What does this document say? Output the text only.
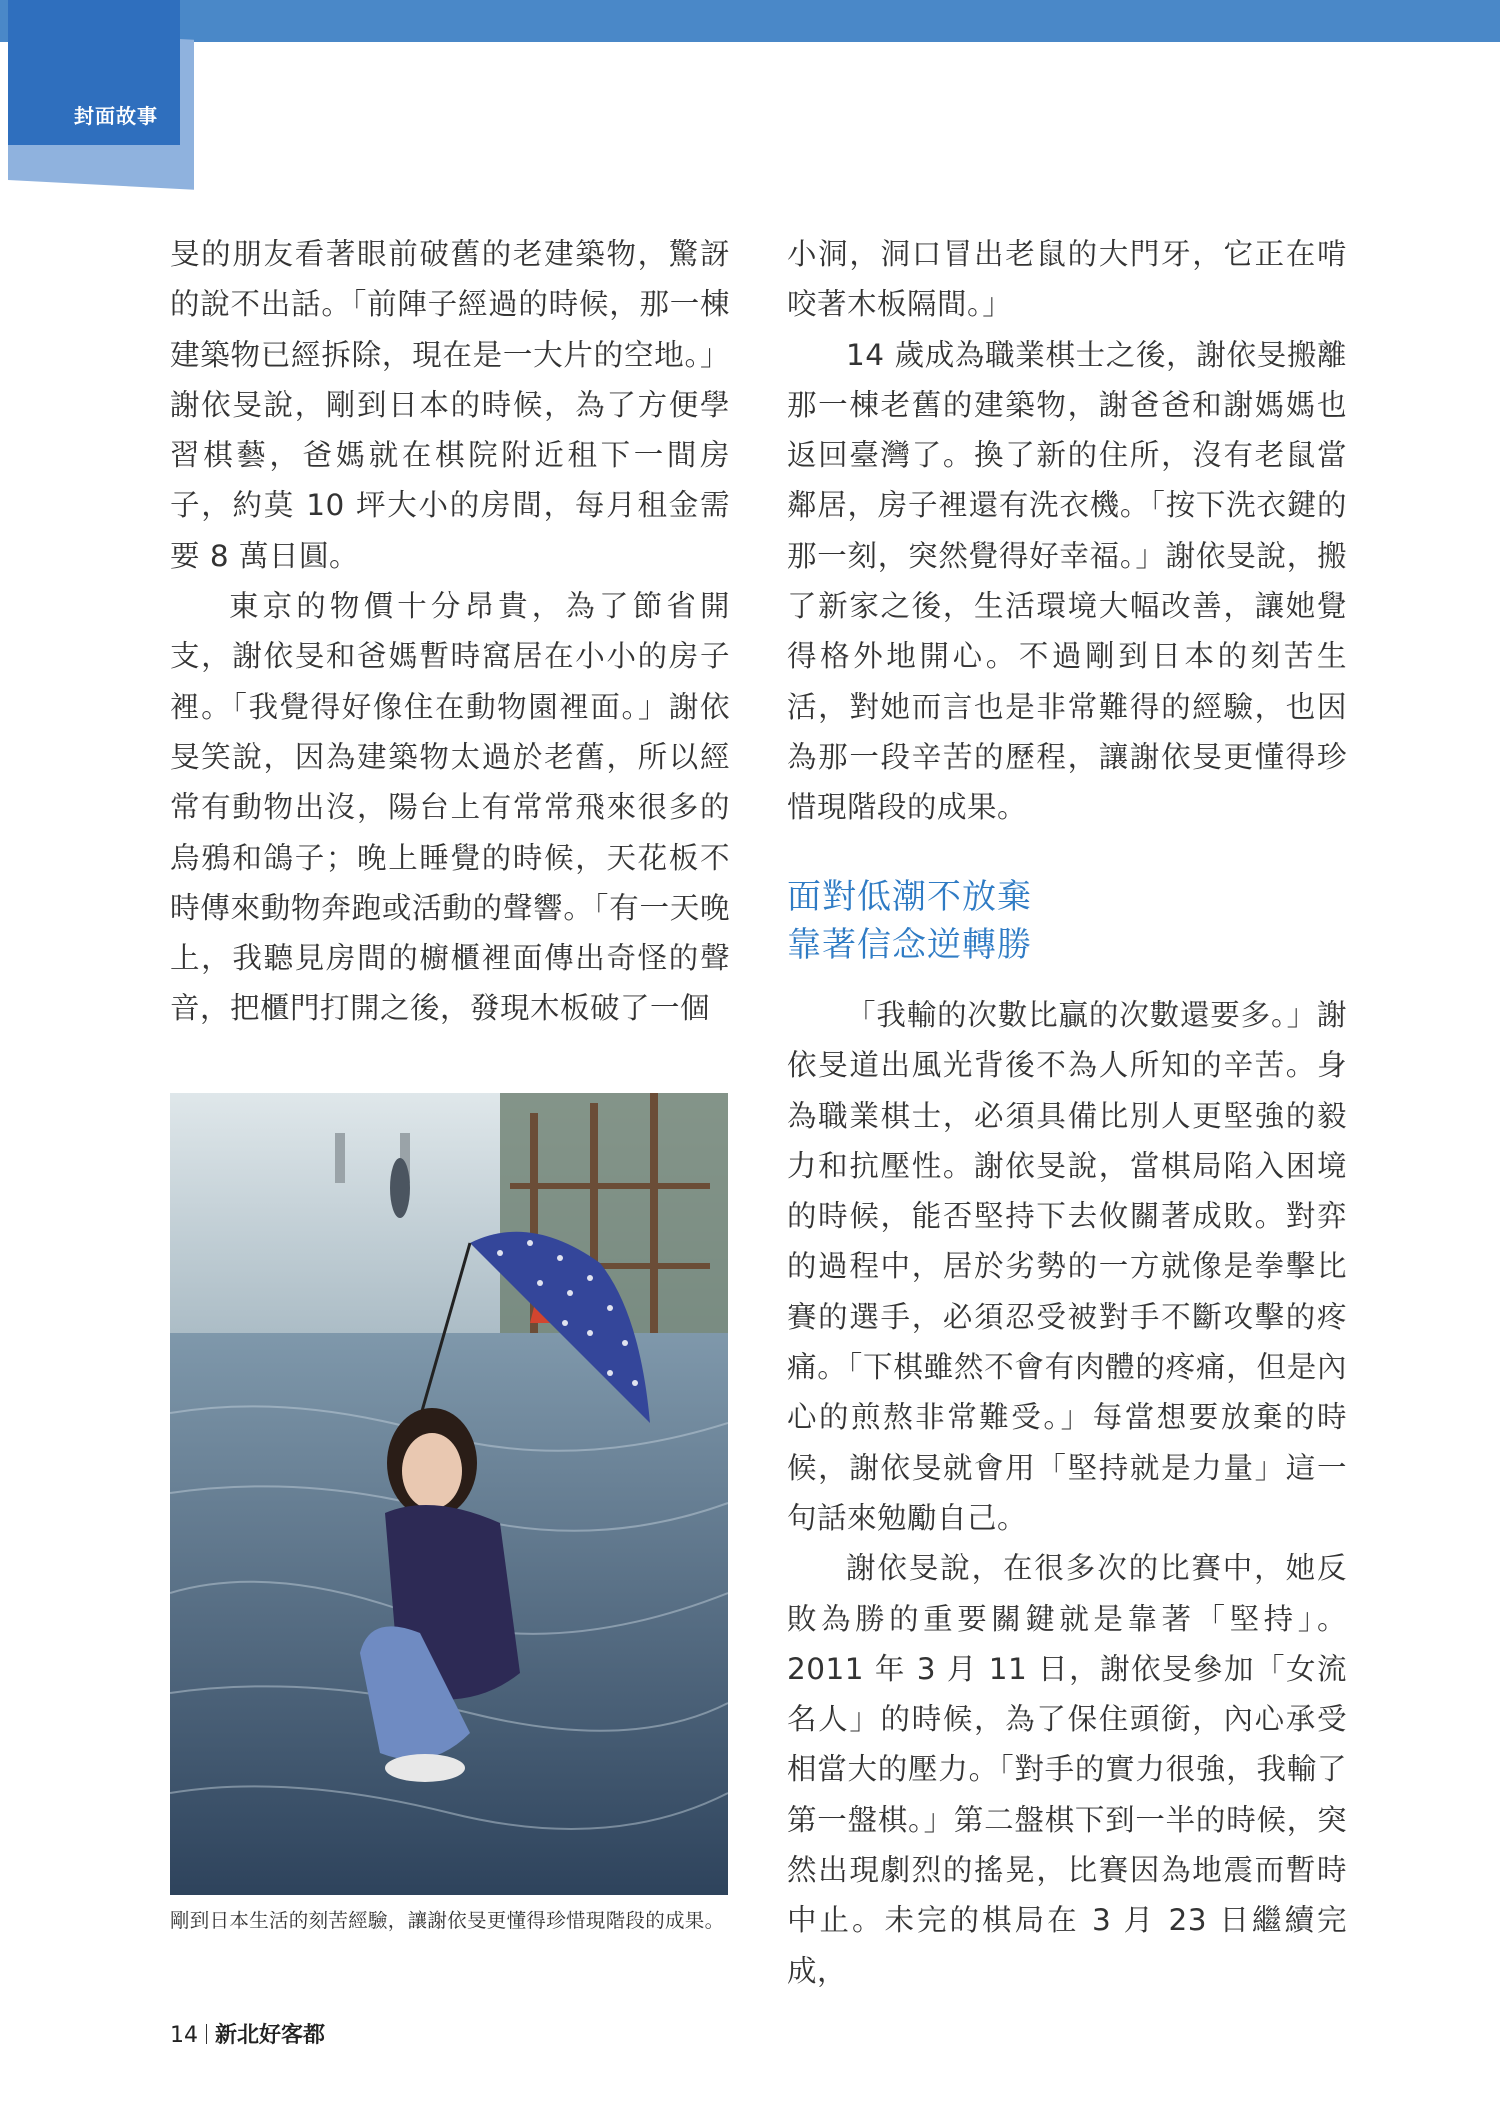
封面故事

旻的朋友看著眼前破舊的老建築物，驚訝的說不出話。「前陣子經過的時候，那一棟建築物已經拆除，現在是一大片的空地。」謝依旻說，剛到日本的時候，為了方便學習棋藝，爸媽就在棋院附近租下一間房子，約莫 10 坪大小的房間，每月租金需要 8 萬日圓。

東京的物價十分昂貴，為了節省開支，謝依旻和爸媽暫時窩居在小小的房子裡。「我覺得好像住在動物園裡面。」謝依旻笑說，因為建築物太過於老舊，所以經常有動物出沒，陽台上有常常飛來很多的烏鴉和鴿子；晚上睡覺的時候，天花板不時傳來動物奔跑或活動的聲響。「有一天晚上，我聽見房間的櫥櫃裡面傳出奇怪的聲音，把櫃門打開之後，發現木板破了一個

小洞，洞口冒出老鼠的大門牙，它正在啃咬著木板隔間。」

14 歲成為職業棋士之後，謝依旻搬離那一棟老舊的建築物，謝爸爸和謝媽媽也返回臺灣了。換了新的住所，沒有老鼠當鄰居，房子裡還有洗衣機。「按下洗衣鍵的那一刻，突然覺得好幸福。」謝依旻說，搬了新家之後，生活環境大幅改善，讓她覺得格外地開心。不過剛到日本的刻苦生活，對她而言也是非常難得的經驗，也因為那一段辛苦的歷程，讓謝依旻更懂得珍惜現階段的成果。

面對低潮不放棄
靠著信念逆轉勝

「我輸的次數比贏的次數還要多。」謝依旻道出風光背後不為人所知的辛苦。身為職業棋士，必須具備比別人更堅強的毅力和抗壓性。謝依旻說，當棋局陷入困境的時候，能否堅持下去攸關著成敗。對弈的過程中，居於劣勢的一方就像是拳擊比賽的選手，必須忍受被對手不斷攻擊的疼痛。「下棋雖然不會有肉體的疼痛，但是內心的煎熬非常難受。」每當想要放棄的時候，謝依旻就會用「堅持就是力量」這一句話來勉勵自己。

謝依旻說，在很多次的比賽中，她反敗為勝的重要關鍵就是靠著「堅持」。2011 年 3 月 11 日，謝依旻參加「女流名人」的時候，為了保住頭銜，內心承受相當大的壓力。「對手的實力很強，我輸了第一盤棋。」第二盤棋下到一半的時候，突然出現劇烈的搖晃，比賽因為地震而暫時中止。未完的棋局在 3 月 23 日繼續完成，

剛到日本生活的刻苦經驗，讓謝依旻更懂得珍惜現階段的成果。
14 新北好客都
